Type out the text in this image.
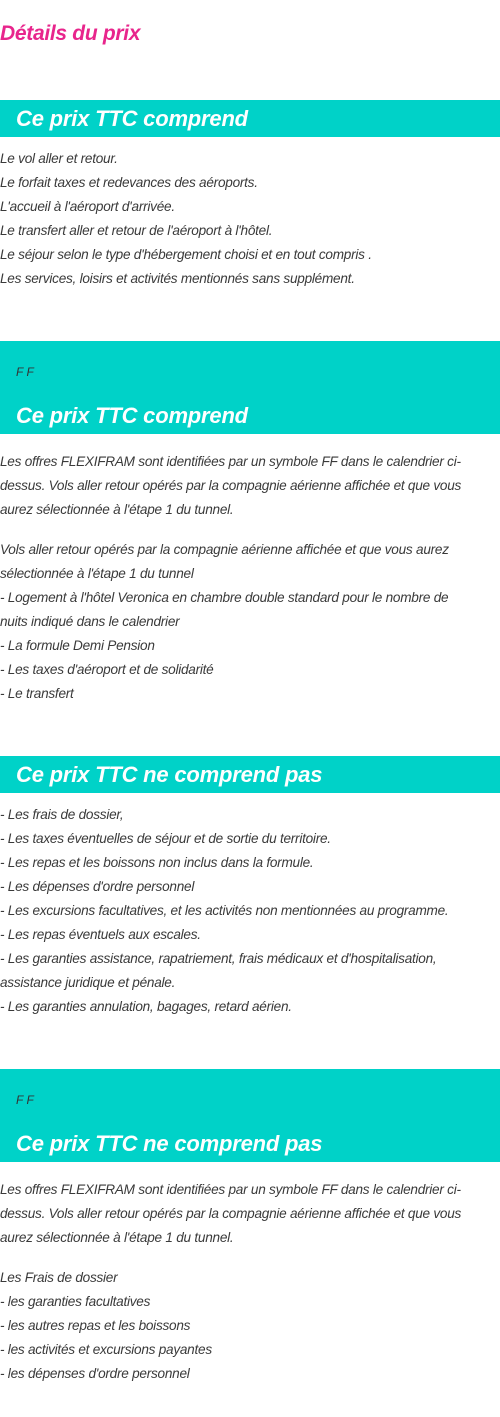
Détails du prix
Ce prix TTC comprend
Le vol aller et retour.
Le forfait taxes et redevances des aéroports.
L'accueil à l'aéroport d'arrivée.
Le transfert aller et retour de l'aéroport à l'hôtel.
Le séjour selon le type d'hébergement choisi et en tout compris .
Les services, loisirs et activités mentionnés sans supplément.
F F
Ce prix TTC comprend
Les offres FLEXIFRAM sont identifiées par un symbole FF dans le calendrier ci-
dessus. Vols aller retour opérés par la compagnie aérienne affichée et que vous
aurez sélectionnée à l'étape 1 du tunnel.
Vols aller retour opérés par la compagnie aérienne affichée et que vous aurez
sélectionnée à l'étape 1 du tunnel
- Logement à l'hôtel Veronica en chambre double standard pour le nombre de
nuits indiqué dans le calendrier
- La formule Demi Pension
- Les taxes d'aéroport et de solidarité
- Le transfert
Ce prix TTC ne comprend pas
- Les frais de dossier,
- Les taxes éventuelles de séjour et de sortie du territoire.
- Les repas et les boissons non inclus dans la formule.
- Les dépenses d'ordre personnel
- Les excursions facultatives, et les activités non mentionnées au programme.
- Les repas éventuels aux escales.
- Les garanties assistance, rapatriement, frais médicaux et d'hospitalisation,
assistance juridique et pénale.
- Les garanties annulation, bagages, retard aérien.
F F
Ce prix TTC ne comprend pas
Les offres FLEXIFRAM sont identifiées par un symbole FF dans le calendrier ci-
dessus. Vols aller retour opérés par la compagnie aérienne affichée et que vous
aurez sélectionnée à l'étape 1 du tunnel.
Les Frais de dossier
- les garanties facultatives
- les autres repas et les boissons
- les activités et excursions payantes
- les dépenses d'ordre personnel
